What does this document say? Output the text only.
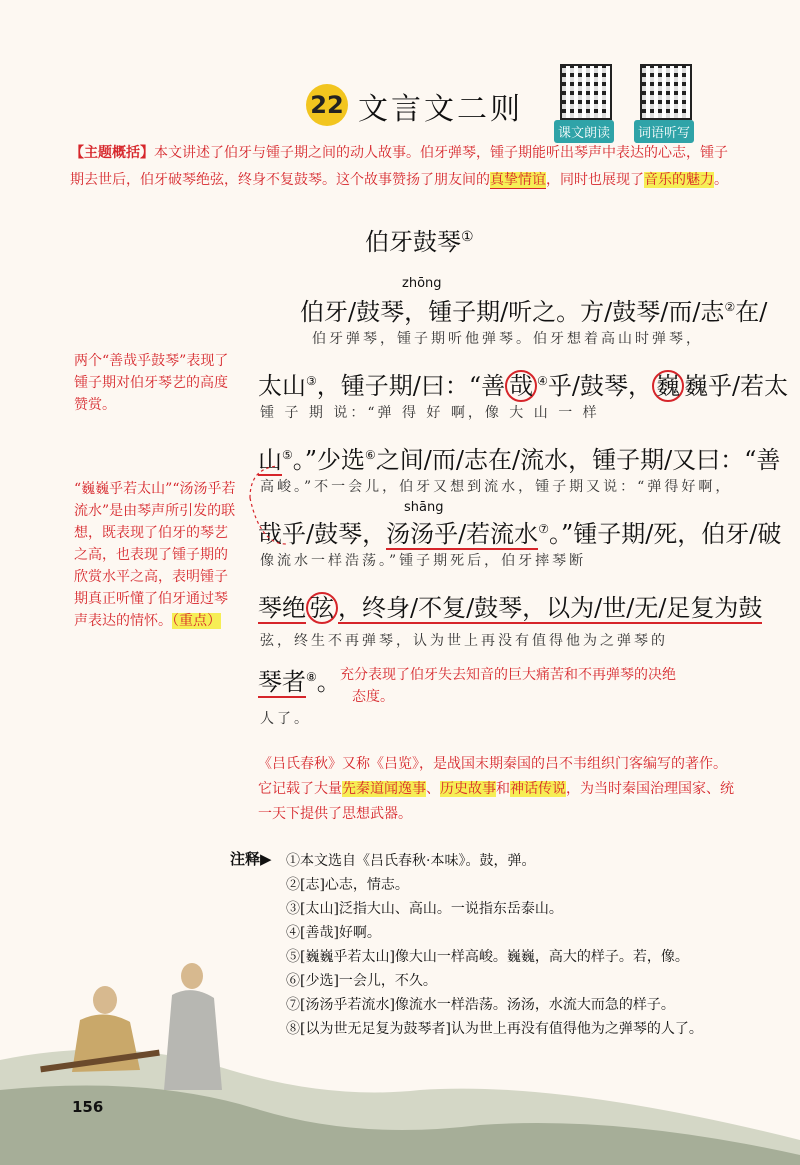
22 文言文二则
课文朗读	词语听写
【主题概括】本文讲述了伯牙与锺子期之间的动人故事。伯牙弹琴，锺子期能听出琴声中表达的心志，锺子期去世后，伯牙破琴绝弦，终身不复鼓琴。这个故事赞扬了朋友间的真挚情谊，同时也展现了音乐的魅力。
伯牙鼓琴①
zhōng
伯牙/鼓琴，锺子期/听之。方/鼓琴/而/志②在/
伯牙弹琴，锺子期听他弹琴。伯牙想着高山时弹琴，
太山③，锺子期/曰：“善 哉 ④乎/鼓琴， 巍 巍乎/若太
锺 子 期 说：“弹 得 好 啊，像 大 山 一 样
山⑤。”少选⑥之间/而/志在/流水，锺子期/又曰：“善
高峻。”不一会儿，伯牙又想到流水，锺子期又说：“弹得好啊，
shāng
哉乎/鼓琴，汤汤乎/若流水⑦。”锺子期/死，伯牙/破
像流水一样浩荡。”锺子期死后，伯牙摔琴断
琴绝 弦 ，终身/不复/鼓琴，以为/世/无/足复为鼓
弦，终生不再弹琴，认为世上再没有值得他为之弹琴的
琴者⑧。 充分表现了伯牙失去知音的巨大痛苦和不再弹琴的决绝
态度。
人了。
两个“善哉乎鼓琴”表现了锺子期对伯牙琴艺的高度赞赏。
“巍巍乎若太山”“汤汤乎若流水”是由琴声所引发的联想，既表现了伯牙的琴艺之高，也表现了锺子期的欣赏水平之高，表明锺子期真正听懂了伯牙通过琴声表达的情怀。（重点）
《吕氏春秋》又称《吕览》，是战国末期秦国的吕不韦组织门客编写的著作。它记载了大量先秦道闻逸事、历史故事和神话传说，为当时秦国治理国家、统一天下提供了思想武器。
注释▶ ①本文选自《吕氏春秋·本味》。鼓，弹。
②[志]心志，情志。
③[太山]泛指大山、高山。一说指东岳泰山。
④[善哉]好啊。
⑤[巍巍乎若太山]像大山一样高峻。巍巍，高大的样子。若，像。
⑥[少选]一会儿，不久。
⑦[汤汤乎若流水]像流水一样浩荡。汤汤，水流大而急的样子。
⑧[以为世无足复为鼓琴者]认为世上再没有值得他为之弹琴的人了。
156
